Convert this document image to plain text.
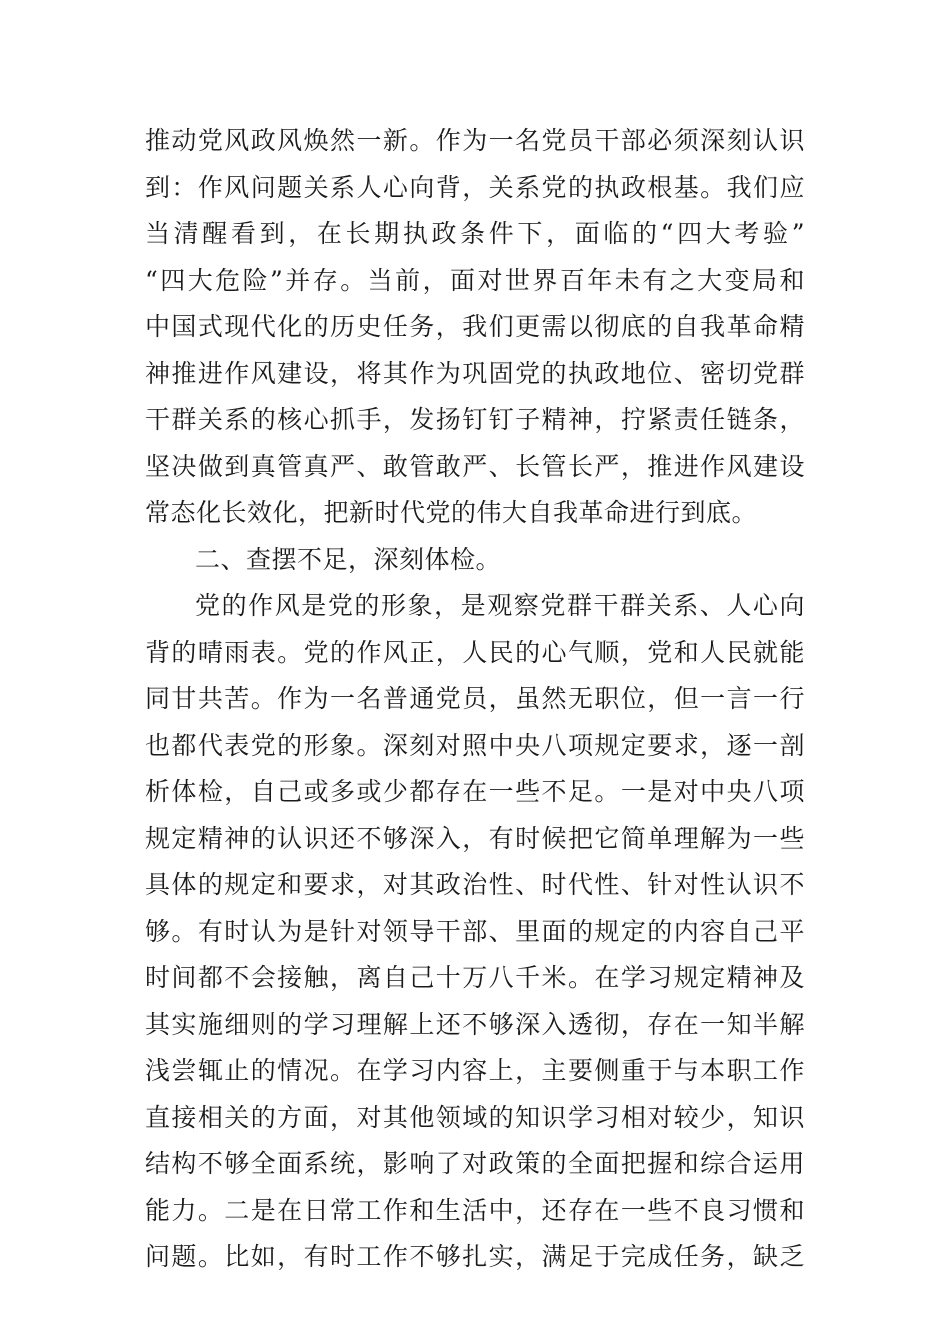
推动党风政风焕然一新。作为一名党员干部必须深刻认识
到：作风问题关系人心向背，关系党的执政根基。我们应
当清醒看到，在长期执政条件下，面临的“四大考验”
“四大危险”并存。当前，面对世界百年未有之大变局和
中国式现代化的历史任务，我们更需以彻底的自我革命精
神推进作风建设，将其作为巩固党的执政地位、密切党群
干群关系的核心抓手，发扬钉钉子精神，拧紧责任链条，
坚决做到真管真严、敢管敢严、长管长严，推进作风建设
常态化长效化，把新时代党的伟大自我革命进行到底。
二、查摆不足，深刻体检。
党的作风是党的形象，是观察党群干群关系、人心向
背的晴雨表。党的作风正，人民的心气顺，党和人民就能
同甘共苦。作为一名普通党员，虽然无职位，但一言一行
也都代表党的形象。深刻对照中央八项规定要求，逐一剖
析体检，自己或多或少都存在一些不足。一是对中央八项
规定精神的认识还不够深入，有时候把它简单理解为一些
具体的规定和要求，对其政治性、时代性、针对性认识不
够。有时认为是针对领导干部、里面的规定的内容自己平
时间都不会接触，离自己十万八千米。在学习规定精神及
其实施细则的学习理解上还不够深入透彻，存在一知半解
浅尝辄止的情况。在学习内容上，主要侧重于与本职工作
直接相关的方面，对其他领域的知识学习相对较少，知识
结构不够全面系统，影响了对政策的全面把握和综合运用
能力。二是在日常工作和生活中，还存在一些不良习惯和
问题。比如，有时工作不够扎实，满足于完成任务，缺乏
